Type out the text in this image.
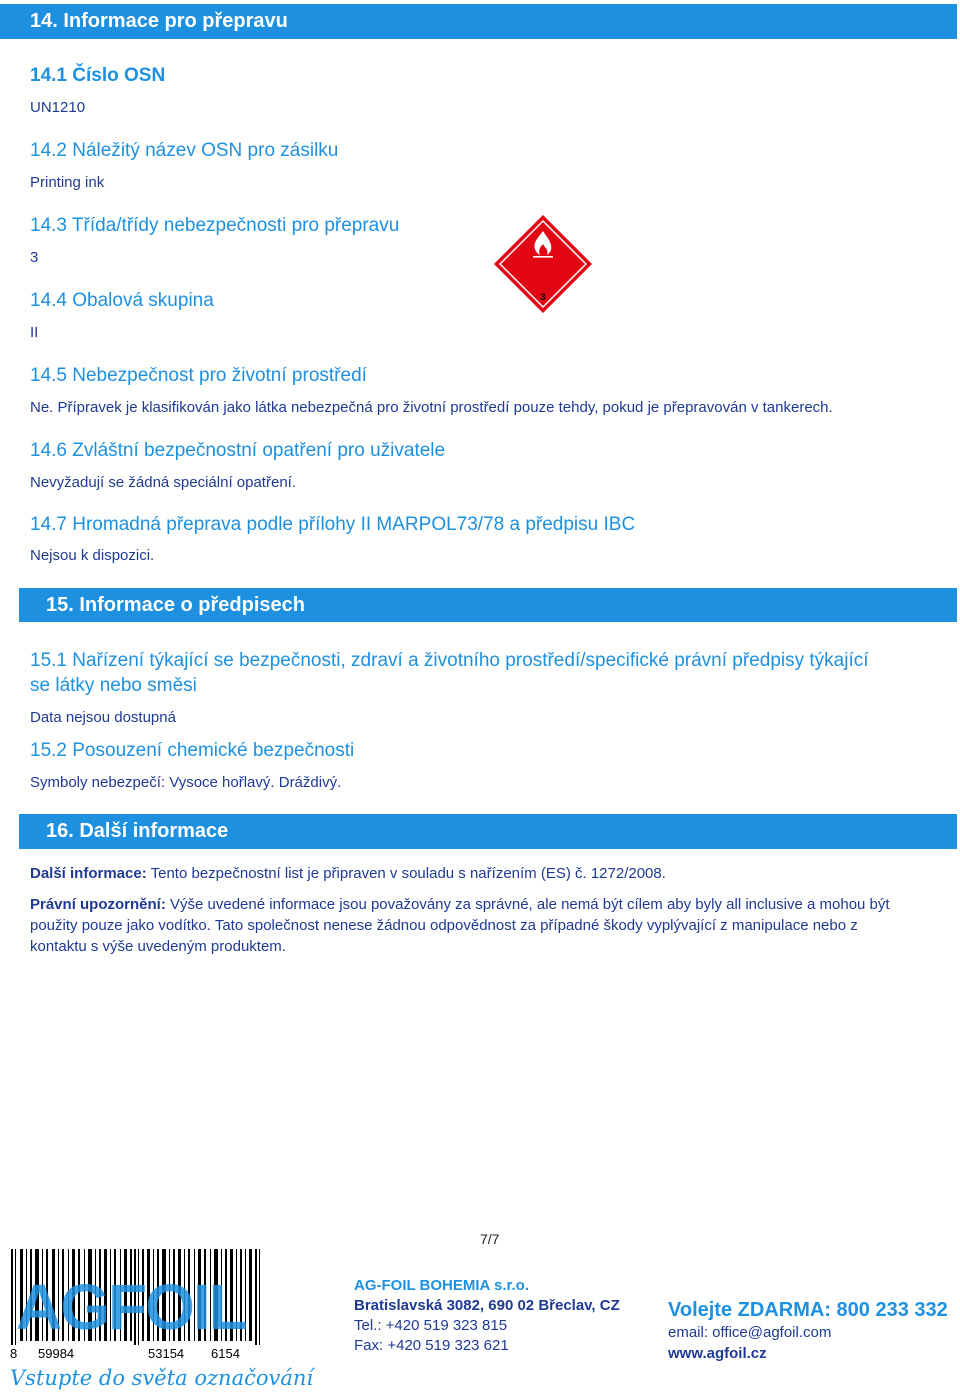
14. Informace pro přepravu
14.1 Číslo OSN
UN1210
14.2 Náležitý název OSN pro zásilku
Printing ink
14.3 Třída/třídy nebezpečnosti pro přepravu
3
14.4 Obalová skupina
II
14.5 Nebezpečnost pro životní prostředí
Ne. Přípravek je klasifikován jako látka nebezpečná pro životní prostředí pouze tehdy, pokud je přepravován v tankerech.
14.6 Zvláštní bezpečnostní opatření pro uživatele
Nevyžadují se žádná speciální opatření.
14.7 Hromadná přeprava podle přílohy II MARPOL73/78 a předpisu IBC
Nejsou k dispozici.
3
15. Informace o předpisech
15.1 Nařízení týkající se bezpečnosti, zdraví a životního prostředí/specifické právní předpisy týkající
se látky nebo směsi
Data nejsou dostupná
15.2 Posouzení chemické bezpečnosti
Symboly nebezpečí: Vysoce hořlavý. Dráždivý.
16. Další informace
Další informace: Tento bezpečnostní list je připraven v souladu s nařízením (ES) č. 1272/2008.
Právní upozornění: Výše uvedené informace jsou považovány za správné, ale nemá být cílem aby byly all inclusive a mohou být
použity pouze jako vodítko. Tato společnost nenese žádnou odpovědnost za případné škody vyplývající z manipulace nebo z
kontaktu s výše uvedeným produktem.
7/7
AGFOIL
8 59984	53154 6154
Vstupte do světa označování
AG-FOIL BOHEMIA s.r.o.
Bratislavská 3082, 690 02 Břeclav, CZ
Tel.: +420 519 323 815
Fax: +420 519 323 621
Volejte ZDARMA: 800 233 332
email: office@agfoil.com
www.agfoil.cz
